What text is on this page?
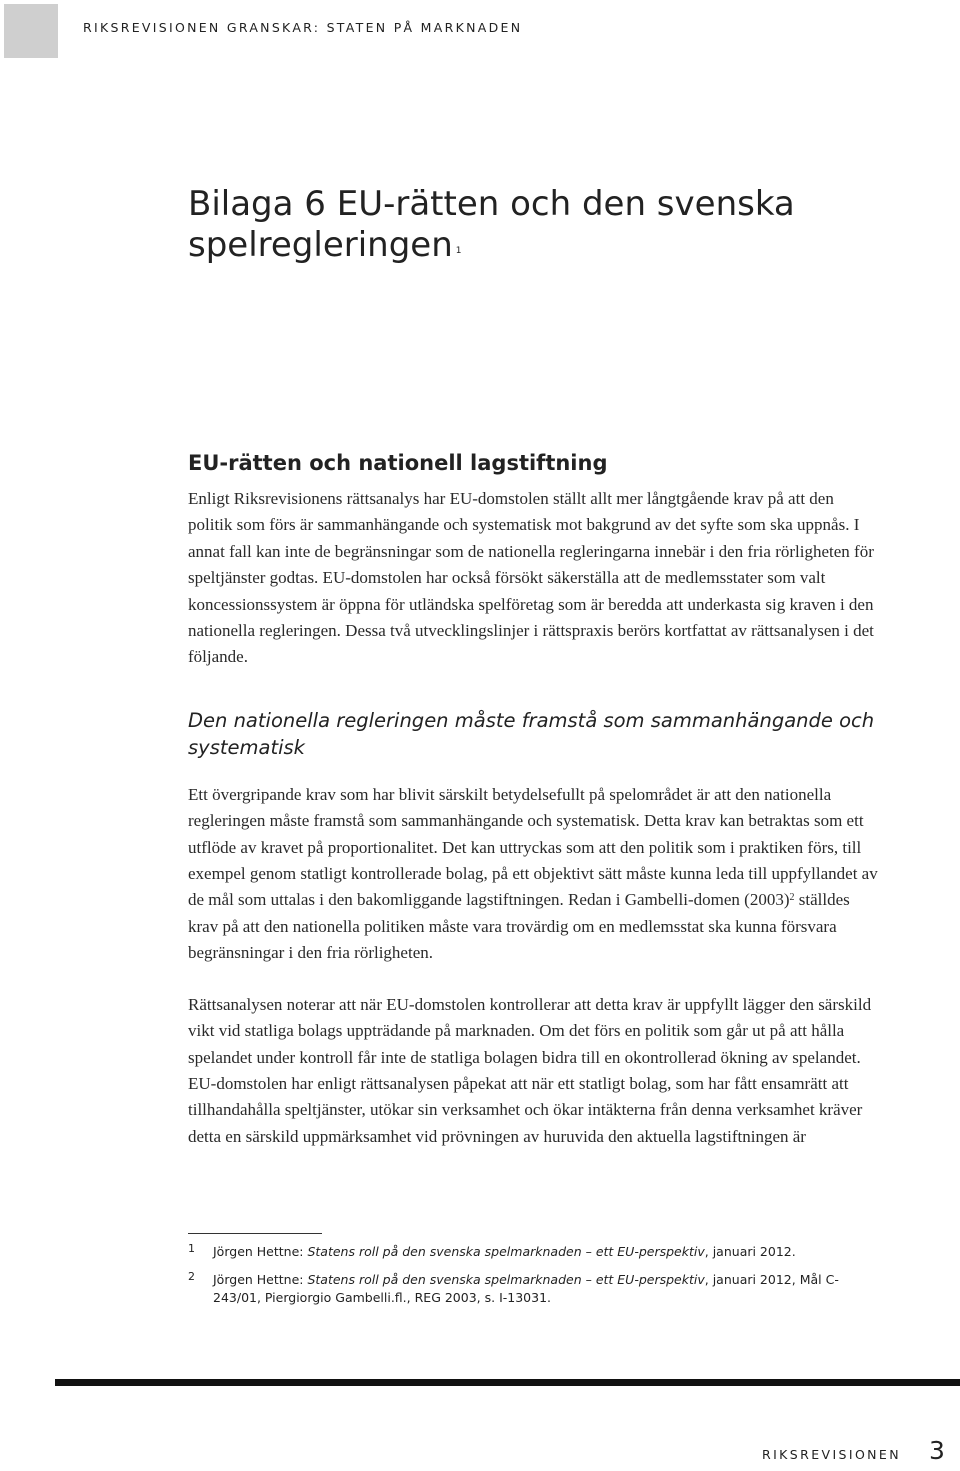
RIKSREVISIONEN GRANSKAR: STATEN PÅ MARKNADEN
Bilaga 6 EU-rätten och den svenska spelregleringen $^1$
EU-rätten och nationell lagstiftning

Enligt Riksrevisionens rättsanalys har EU-domstolen ställt allt mer långtgående krav på att den politik som förs är sammanhängande och systematisk mot bakgrund av det syfte som ska uppnås. I annat fall kan inte de begränsningar som de nationella regleringarna innebär i den fria rörligheten för speltjänster godtas. EU-domstolen har också försökt säkerställa att de medlemsstater som valt koncessionssystem är öppna för utländska spelföretag som är beredda att underkasta sig kraven i den nationella regleringen. Dessa två utvecklingslinjer i rättspraxis berörs kortfattat av rättsanalysen i det följande.

Den nationella regleringen måste framstå som sammanhängande och systematisk

Ett övergripande krav som har blivit särskilt betydelsefullt på spelområdet är att den nationella regleringen måste framstå som sammanhängande och systematisk. Detta krav kan betraktas som ett utflöde av kravet på proportionalitet. Det kan uttryckas som att den politik som i praktiken förs, till exempel genom statligt kontrollerade bolag, på ett objektivt sätt måste kunna leda till uppfyllandet av de mål som uttalas i den bakomliggande lagstiftningen. Redan i Gambelli-domen $(2003)^2$ ställdes krav på att den nationella politiken måste vara trovärdig om en medlemsstat ska kunna försvara begränsningar i den fria rörligheten.

Rättsanalysen noterar att när EU-domstolen kontrollerar att detta krav är uppfyllt lägger den särskild vikt vid statliga bolags uppträdande på marknaden. Om det förs en politik som går ut på att hålla spelandet under kontroll får inte de statliga bolagen bidra till en okontrollerad ökning av spelandet. EU-domstolen har enligt rättsanalysen påpekat att när ett statligt bolag, som har fått ensamrätt att tillhandahålla speltjänster, utökar sin verksamhet och ökar intäkterna från denna verksamhet kräver detta en särskild uppmärksamhet vid prövningen av huruvida den aktuella lagstiftningen är

1 Jörgen Hettne: Statens roll på den svenska spelmarknaden – ett EU-perspektiv, januari 2012.
2 Jörgen Hettne: Statens roll på den svenska spelmarknaden – ett EU-perspektiv, januari 2012, Mål C-243/01, Piergiorgio Gambelli.fl., REG 2003, s. I-13031.
RIKSREVISIONEN 3
